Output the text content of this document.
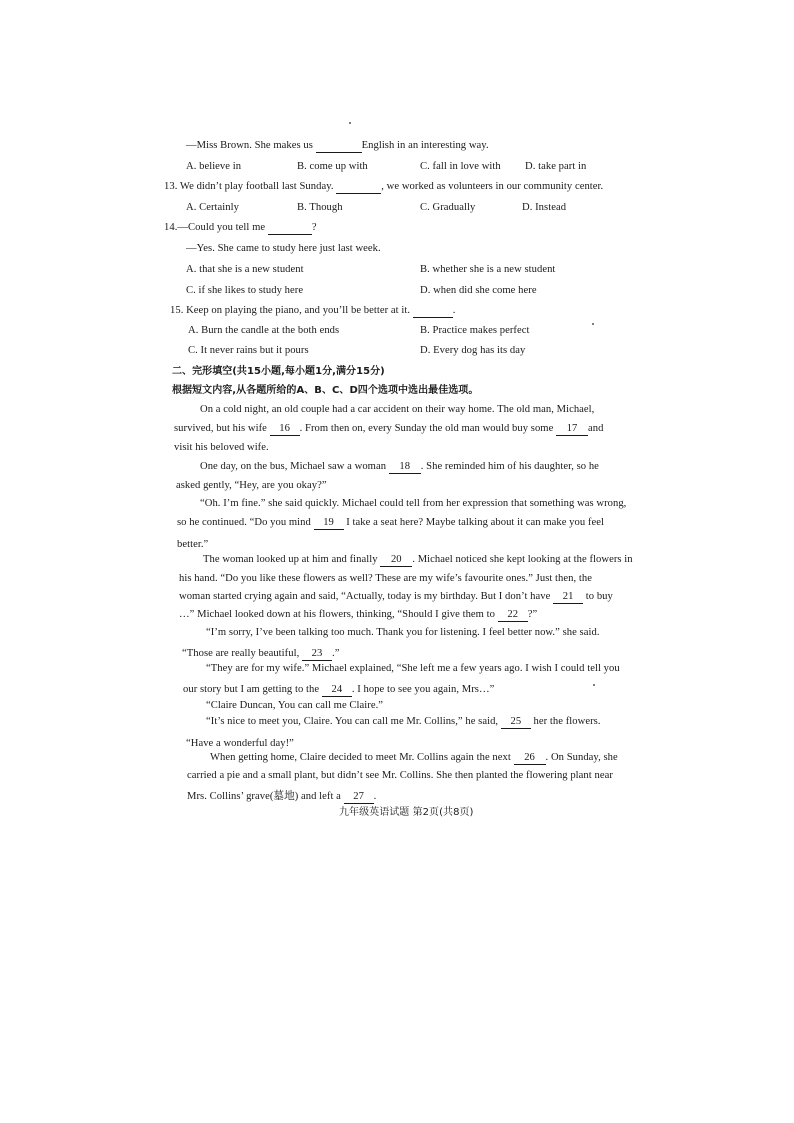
—Miss Brown. She makes us	English in an interesting way.
A. believe in	B. come up with	C. fall in love with D. take part in
13. We didn’t play football last Sunday.	, we worked as volunteers in our community center.
A. Certainly	B. Though	C. Gradually	D. Instead
14.—Could you tell me	?
—Yes. She came to study here just last week.
A. that she is a new student	B. whether she is a new student
C. if she likes to study here	D. when did she come here
15. Keep on playing the piano, and you’ll be better at it.	.
A. Burn the candle at the both ends	B. Practice makes perfect
C. It never rains but it pours	D. Every dog has its day
二、完形填空(共15小题,每小题1分,满分15分)
根据短文内容,从各题所给的A、B、C、D四个选项中选出最佳选项。
On a cold night, an old couple had a car accident on their way home. The old man, Michael,
survived, but his wife 16 . From then on, every Sunday the old man would buy some 17 and
visit his beloved wife.
One day, on the bus, Michael saw a woman 18 . She reminded him of his daughter, so he
asked gently, “Hey, are you okay?”
“Oh. I’m fine.” she said quickly. Michael could tell from her expression that something was wrong,
so he continued. “Do you mind 19 I take a seat here? Maybe talking about it can make you feel
better.”
The woman looked up at him and finally 20 . Michael noticed she kept looking at the flowers in
his hand. “Do you like these flowers as well? These are my wife’s favourite ones.” Just then, the
woman started crying again and said, “Actually, today is my birthday. But I don’t have 21 to buy
…” Michael looked down at his flowers, thinking, “Should I give them to 22 ?”
“I’m sorry, I’ve been talking too much. Thank you for listening. I feel better now.” she said.
“Those are really beautiful, 23 .”
“They are for my wife.” Michael explained, “She left me a few years ago. I wish I could tell you
our story but I am getting to the 24 . I hope to see you again, Mrs…”
“Claire Duncan, You can call me Claire.”
“It’s nice to meet you, Claire. You can call me Mr. Collins,” he said, 25 her the flowers.
“Have a wonderful day!”
When getting home, Claire decided to meet Mr. Collins again the next 26 . On Sunday, she
carried a pie and a small plant, but didn’t see Mr. Collins. She then planted the flowering plant near
Mrs. Collins’ grave(墓地) and left a 27 .
九年级英语试题 第2页(共8页)
